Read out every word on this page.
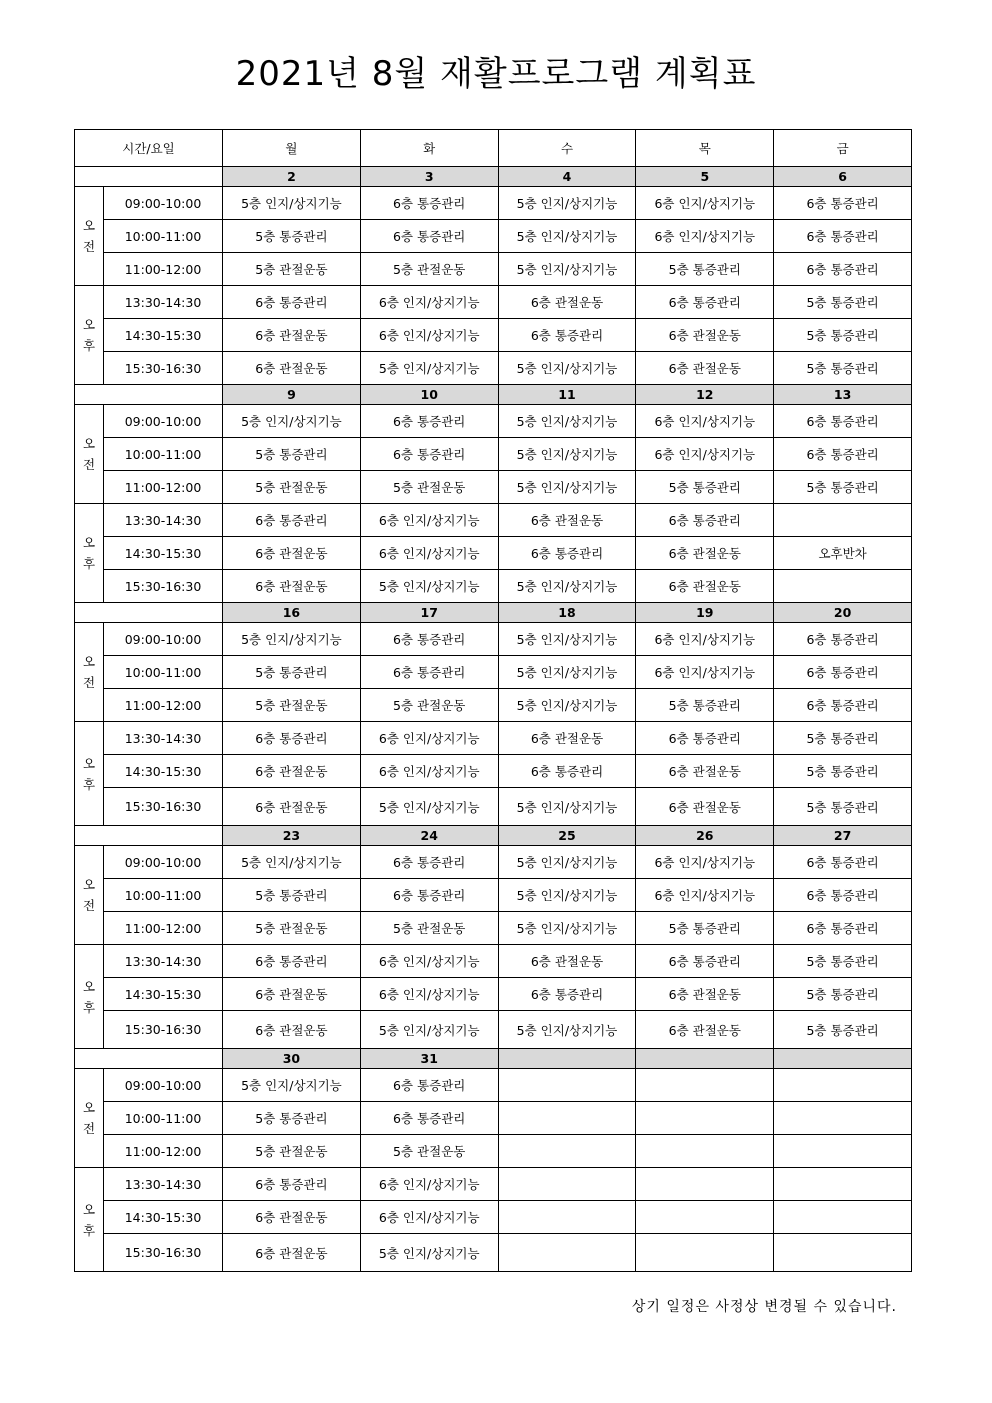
2021년 8월 재활프로그램 계획표
시간/요일		월	화	수	목	금
		2	3	4	5	6
오
전	09:00-10:00	5층 인지/상지기능	6층 통증관리	5층 인지/상지기능	6층 인지/상지기능	6층 통증관리
	10:00-11:00	5층 통증관리	6층 통증관리	5층 인지/상지기능	6층 인지/상지기능	6층 통증관리
	11:00-12:00	5층 관절운동	5층 관절운동	5층 인지/상지기능	5층 통증관리	6층 통증관리
오
후	13:30-14:30	6층 통증관리	6층 인지/상지기능	6층 관절운동	6층 통증관리	5층 통증관리
	14:30-15:30	6층 관절운동	6층 인지/상지기능	6층 통증관리	6층 관절운동	5층 통증관리
	15:30-16:30	6층 관절운동	5층 인지/상지기능	5층 인지/상지기능	6층 관절운동	5층 통증관리
		9	10	11	12	13
오
전	09:00-10:00	5층 인지/상지기능	6층 통증관리	5층 인지/상지기능	6층 인지/상지기능	6층 통증관리
	10:00-11:00	5층 통증관리	6층 통증관리	5층 인지/상지기능	6층 인지/상지기능	6층 통증관리
	11:00-12:00	5층 관절운동	5층 관절운동	5층 인지/상지기능	5층 통증관리	5층 통증관리
오
후	13:30-14:30	6층 통증관리	6층 인지/상지기능	6층 관절운동	6층 통증관리	
	14:30-15:30	6층 관절운동	6층 인지/상지기능	6층 통증관리	6층 관절운동	오후반차
	15:30-16:30	6층 관절운동	5층 인지/상지기능	5층 인지/상지기능	6층 관절운동	
		16	17	18	19	20
오
전	09:00-10:00	5층 인지/상지기능	6층 통증관리	5층 인지/상지기능	6층 인지/상지기능	6층 통증관리
	10:00-11:00	5층 통증관리	6층 통증관리	5층 인지/상지기능	6층 인지/상지기능	6층 통증관리
	11:00-12:00	5층 관절운동	5층 관절운동	5층 인지/상지기능	5층 통증관리	6층 통증관리
오
후	13:30-14:30	6층 통증관리	6층 인지/상지기능	6층 관절운동	6층 통증관리	5층 통증관리
	14:30-15:30	6층 관절운동	6층 인지/상지기능	6층 통증관리	6층 관절운동	5층 통증관리
	15:30-16:30	6층 관절운동	5층 인지/상지기능	5층 인지/상지기능	6층 관절운동	5층 통증관리
		23	24	25	26	27
오
전	09:00-10:00	5층 인지/상지기능	6층 통증관리	5층 인지/상지기능	6층 인지/상지기능	6층 통증관리
	10:00-11:00	5층 통증관리	6층 통증관리	5층 인지/상지기능	6층 인지/상지기능	6층 통증관리
	11:00-12:00	5층 관절운동	5층 관절운동	5층 인지/상지기능	5층 통증관리	6층 통증관리
오
후	13:30-14:30	6층 통증관리	6층 인지/상지기능	6층 관절운동	6층 통증관리	5층 통증관리
	14:30-15:30	6층 관절운동	6층 인지/상지기능	6층 통증관리	6층 관절운동	5층 통증관리
	15:30-16:30	6층 관절운동	5층 인지/상지기능	5층 인지/상지기능	6층 관절운동	5층 통증관리
		30	31			
오
전	09:00-10:00	5층 인지/상지기능	6층 통증관리			
	10:00-11:00	5층 통증관리	6층 통증관리			
	11:00-12:00	5층 관절운동	5층 관절운동			
오
후	13:30-14:30	6층 통증관리	6층 인지/상지기능			
	14:30-15:30	6층 관절운동	6층 인지/상지기능			
	15:30-16:30	6층 관절운동	5층 인지/상지기능			
상기 일정은 사정상 변경될 수 있습니다.
